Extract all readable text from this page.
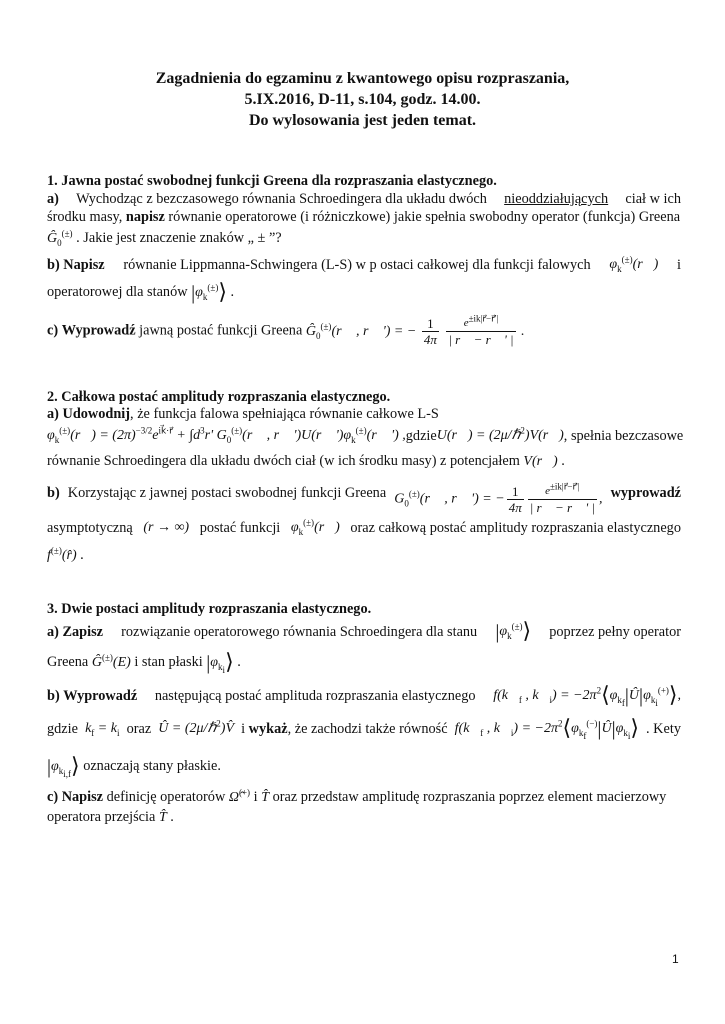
Zagadnienia do egzaminu z kwantowego opisu rozpraszania,
5.IX.2016, D-11, s.104, godz. 14.00.
Do wylosowania jest jeden temat.
1. Jawna postać swobodnej funkcji Greena dla rozpraszania elastycznego.
a) Wychodząc z bezczasowego równania Schroedingera dla układu dwóch nieoddziałujących ciał w ich
środku masy, napisz równanie operatorowe (i różniczkowe) jakie spełnia swobodny operator (funkcja) Greena
$Ĝ_0^{(\pm)}$ . Jakie jest znaczenie znaków „ ± ”?
b) Napisz równanie Lippmanna-Schwingera (L-S) w p ostaci całkowej dla funkcji falowych $\varphi_k^{(\pm)}(r⃗)$ i
operatorowej dla stanów $|\varphi_k^{(\pm)}⟩$ .
c) Wyprowadź jawną postać funkcji Greena $Ĝ_0^{(\pm)}(r⃗$ , r⃗ ') = − $\frac{1}{4\pi}$
$\frac{e^{\pm ik|r⃗-r⃗'|}}{| r⃗ - r⃗ ' |}$ .
2. Całkowa postać amplitudy rozpraszania elastycznego.
a) Udowodnij, że funkcja falowa spełniająca równanie całkowe L-S
$\varphi_k^{(\pm)}(r⃗) = (2\pi)^{-3/2}e^{ik⃗\cdot r⃗} + \int d^3r'$ $G_0^{(\pm)}(r⃗$ , r⃗ ')U(r⃗ ')$\varphi_k^{(\pm)}(r⃗$ ') , gdzie U(r⃗) = (2μ/ℏ$^2$)V(r⃗) , spełnia bezczasowe
równanie Schroedingera dla układu dwóch ciał (w ich środku masy) z potencjałem V(r⃗) .
b) Korzystając z jawnej postaci swobodnej funkcji Greena $G_0^{(\pm)}(r⃗$ , r⃗ ') = − $\frac{1}{4\pi} \frac{e^{\pm ik|r⃗-r⃗'|}}{| r⃗ - r⃗ ' |}$ , wyprowadź
asymptotyczną (r → ∞) postać funkcji $\varphi_k^{(\pm)}(r⃗)$ oraz całkową postać amplitudy rozpraszania elastycznego
f(±)(r̂) .
3. Dwie postaci amplitudy rozpraszania elastycznego.
a) Zapisz rozwiązanie operatorowego równania Schroedingera dla stanu $|\varphi_k^{(\pm)}⟩$ poprzez pełny operator
Greena Ĝ(±)(E) i stan płaski $|\varphi_{k_i}⟩$ .
b) Wyprowadź następującą postać amplituda rozpraszania elastycznego $f(k⃗_f$ , $k⃗_i$) = $-2\pi^2⟨\varphi_{k_f}|Û|\varphi_{k_i}^{(+)}⟩$,
gdzie $k_f = k_i$ oraz Û = (2μ/ℏ$^2$)V̂ i wykaż, że zachodzi także równość $f(k⃗_f$ , $k⃗_i$) = $-2\pi^2⟨\varphi_{k_f}^{(-)}|Û|\varphi_{k_i}⟩$ . Kety
$|\varphi_{k_{i,f}}⟩$ oznaczają stany płaskie.
c) Napisz definicję operatorów Ω̂(+) i T̂ oraz przedstaw amplitudę rozpraszania poprzez element macierzowy
operatora przejścia T̂ .
1
